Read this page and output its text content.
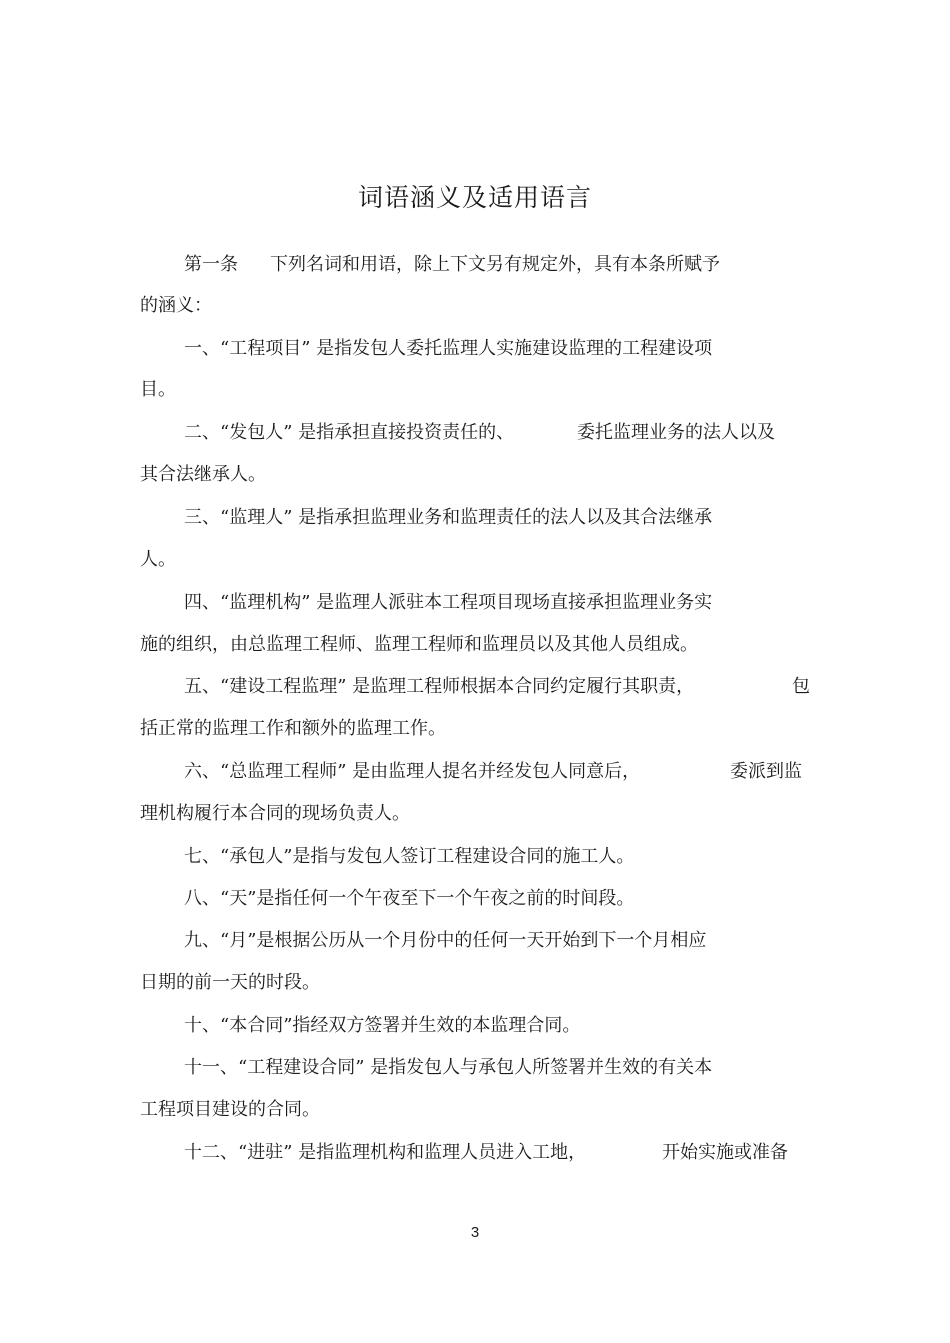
词语涵义及适用语言
第一条 下列名词和用语，除上下文另有规定外，具有本条所赋予
的涵义：
一、“工程项目” 是指发包人委托监理人实施建设监理的工程建设项
目。
二、“发包人” 是指承担直接投资责任的、	委托监理业务的法人以及
其合法继承人。
三、“监理人” 是指承担监理业务和监理责任的法人以及其合法继承
人。
四、“监理机构” 是监理人派驻本工程项目现场直接承担监理业务实
施的组织，由总监理工程师、监理工程师和监理员以及其他人员组成。
五、“建设工程监理” 是监理工程师根据本合同约定履行其职责，	包
括正常的监理工作和额外的监理工作。
六、“总监理工程师” 是由监理人提名并经发包人同意后，	委派到监
理机构履行本合同的现场负责人。
七、“承包人”是指与发包人签订工程建设合同的施工人。
八、“天”是指任何一个午夜至下一个午夜之前的时间段。
九、“月”是根据公历从一个月份中的任何一天开始到下一个月相应
日期的前一天的时段。
十、“本合同”指经双方签署并生效的本监理合同。
十一、“工程建设合同” 是指发包人与承包人所签署并生效的有关本
工程项目建设的合同。
十二、“进驻” 是指监理机构和监理人员进入工地，	开始实施或准备
3
